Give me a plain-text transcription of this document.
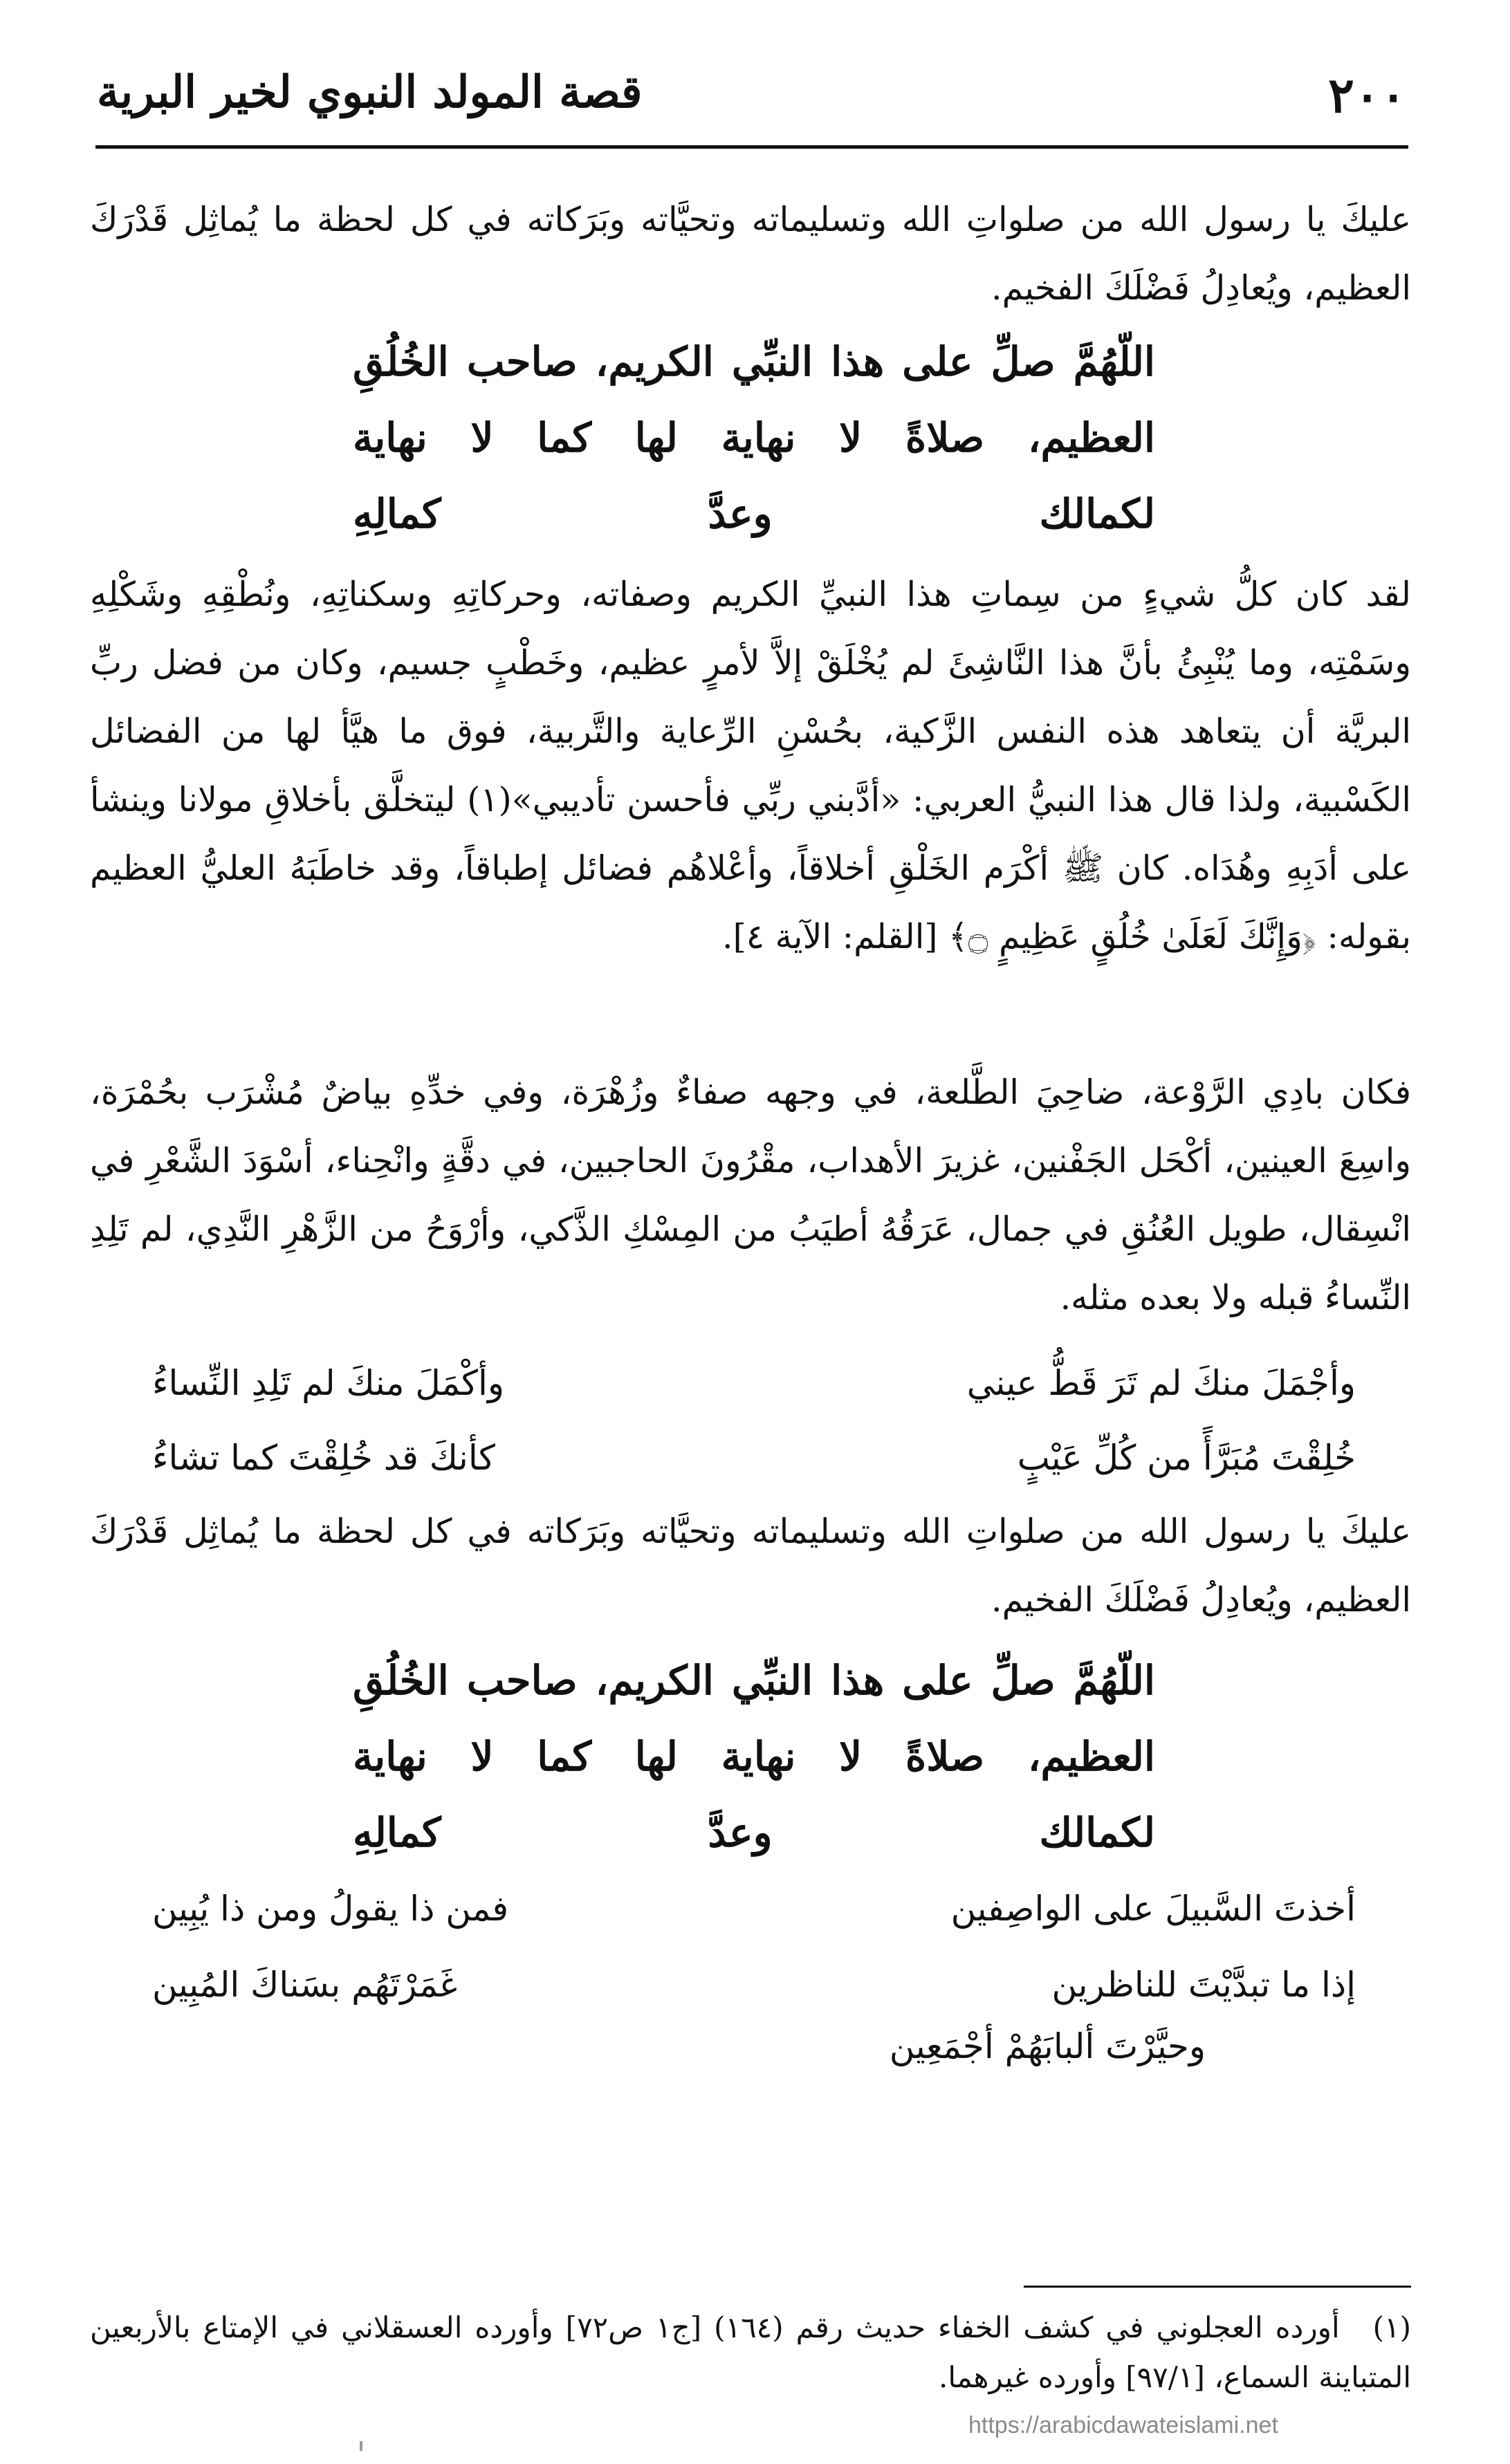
٢٠٠
قصة المولد النبوي لخير البرية
عليكَ يا رسول الله من صلواتِ الله وتسليماته وتحيَّاته وبَرَكاته في كل لحظة ما يُماثِل قَدْرَكَ العظيم، ويُعادِلُ فَضْلَكَ الفخيم.
اللّهُمَّ صلِّ على هذا النبِّي الكريم، صاحب الخُلُقِ
العظيم، صلاةً لا نهاية لها كما لا نهاية
لكمالك وعدَّ كمالِهِ
لقد كان كلُّ شيءٍ من سِماتِ هذا النبيِّ الكريم وصفاته، وحركاتِهِ وسكناتِهِ، ونُطْقِهِ وشَكْلِهِ وسَمْتِه، وما يُنْبِئُ بأنَّ هذا النَّاشِئَ لم يُخْلَقْ إلاَّ لأمرٍ عظيم، وخَطْبٍ جسيم، وكان من فضل ربِّ البريَّة أن يتعاهد هذه النفس الزَّكية، بحُسْنِ الرِّعاية والتَّربية، فوق ما هيَّأ لها من الفضائل الكَسْبية، ولذا قال هذا النبيُّ العربي: «أدَّبني ربِّي فأحسن تأديبي»(١) ليتخلَّق بأخلاقِ مولانا وينشأ على أدَبِهِ وهُدَاه. كان ﷺ أكْرَم الخَلْقِ أخلاقاً، وأعْلاهُم فضائل إطباقاً، وقد خاطَبَهُ العليُّ العظيم بقوله: ﴿وَإِنَّكَ لَعَلَىٰ خُلُقٍ عَظِيمٍ ۝﴾ [القلم: الآية ٤].
فكان بادِي الرَّوْعة، ضاحِيَ الطَّلعة، في وجهه صفاءٌ وزُهْرَة، وفي خدِّهِ بياضٌ مُشْرَب بحُمْرَة، واسِعَ العينين، أكْحَل الجَفْنين، غزيرَ الأهداب، مقْرُونَ الحاجبين، في دقَّةٍ وانْحِناء، أسْوَدَ الشَّعْرِ في انْسِقال، طويل العُنُقِ في جمال، عَرَقُهُ أطيَبُ من المِسْكِ الذَّكي، وأرْوَحُ من الزَّهْرِ النَّدِي، لم تَلِدِ النِّساءُ قبله ولا بعده مثله.
وأجْمَلَ منكَ لم تَرَ قَطُّ عيني
وأكْمَلَ منكَ لم تَلِدِ النِّساءُ
خُلِقْتَ مُبَرَّأً من كُلِّ عَيْبٍ
كأنكَ قد خُلِقْتَ كما تشاءُ
عليكَ يا رسول الله من صلواتِ الله وتسليماته وتحيَّاته وبَرَكاته في كل لحظة ما يُماثِل قَدْرَكَ العظيم، ويُعادِلُ فَضْلَكَ الفخيم.
اللّهُمَّ صلِّ على هذا النبِّي الكريم، صاحب الخُلُقِ
العظيم، صلاةً لا نهاية لها كما لا نهاية
لكمالك وعدَّ كمالِهِ
أخذتَ السَّبيلَ على الواصِفين
فمن ذا يقولُ ومن ذا يُبِين
إذا ما تبدَّيْتَ للناظرين
غَمَرْتَهُم بسَناكَ المُبِين
وحيَّرْتَ ألبابَهُمْ أجْمَعِين
(١) أورده العجلوني في كشف الخفاء حديث رقم (١٦٤) [ج١ ص٧٢] وأورده العسقلاني في الإمتاع بالأربعين المتباينة السماع، [٩٧/١] وأورده غيرهما.
https://arabicdawateislami.net
